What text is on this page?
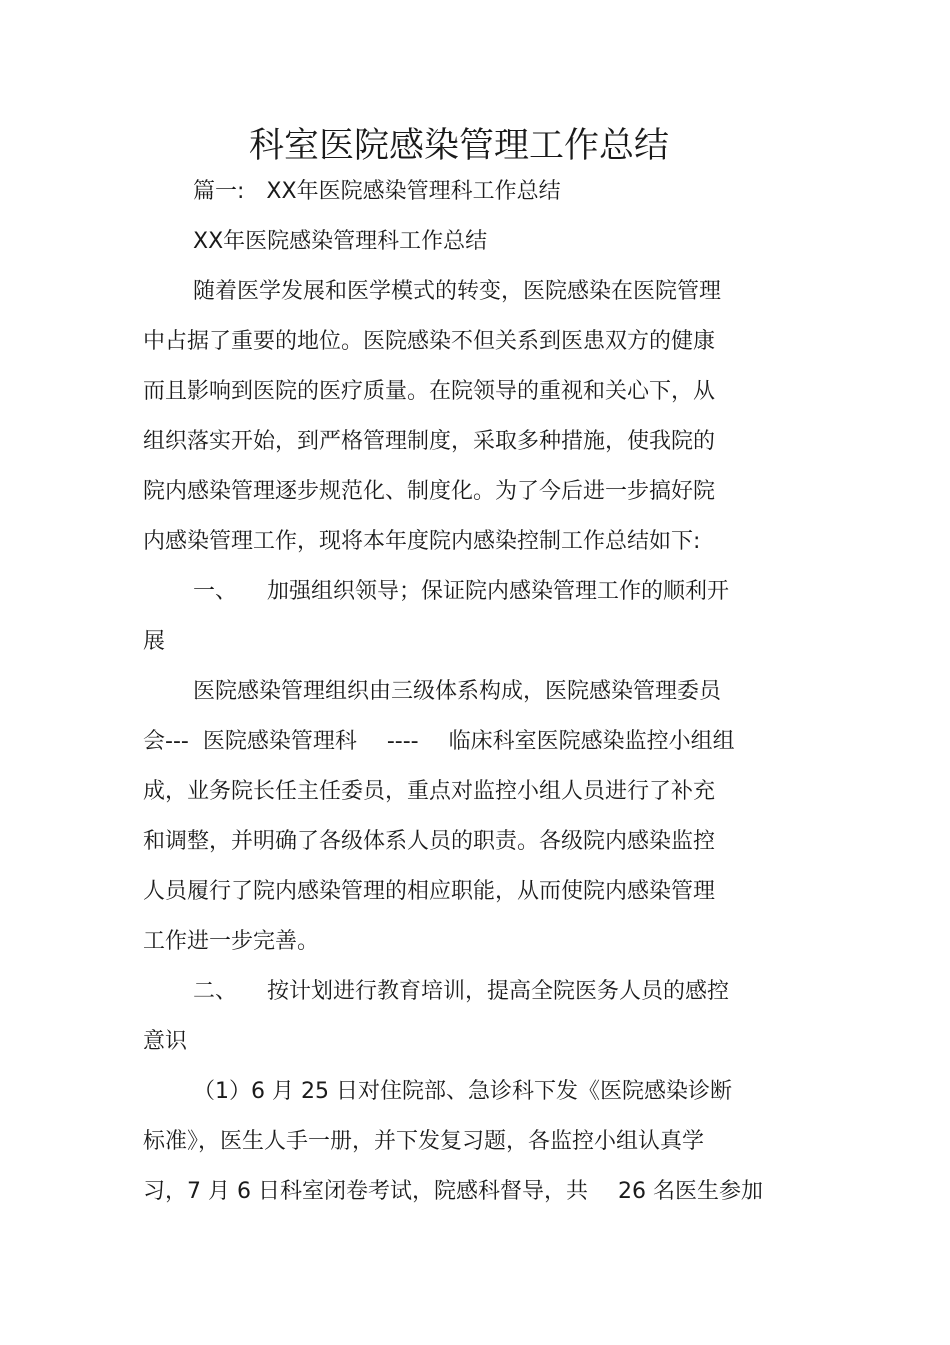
科室医院感染管理工作总结
篇一: XX年医院感染管理科工作总结
XX年医院感染管理科工作总结
随着医学发展和医学模式的转变，医院感染在医院管理
中占据了重要的地位。医院感染不但关系到医患双方的健康
而且影响到医院的医疗质量。在院领导的重视和关心下，从
组织落实开始，到严格管理制度，采取多种措施，使我院的
院内感染管理逐步规范化、制度化。为了今后进一步搞好院
内感染管理工作，现将本年度院内感染控制工作总结如下:
一、 加强组织领导；保证院内感染管理工作的顺利开
展
医院感染管理组织由三级体系构成，医院感染管理委员
会--- 医院感染管理科 ---- 临床科室医院感染监控小组组
成，业务院长任主任委员，重点对监控小组人员进行了补充
和调整，并明确了各级体系人员的职责。各级院内感染监控
人员履行了院内感染管理的相应职能，从而使院内感染管理
工作进一步完善。
二、 按计划进行教育培训，提高全院医务人员的感控
意识
（1）6 月 25 日对住院部、急诊科下发《医院感染诊断
标准》，医生人手一册，并下发复习题，各监控小组认真学
习，7 月 6 日科室闭卷考试，院感科督导，共 26 名医生参加
